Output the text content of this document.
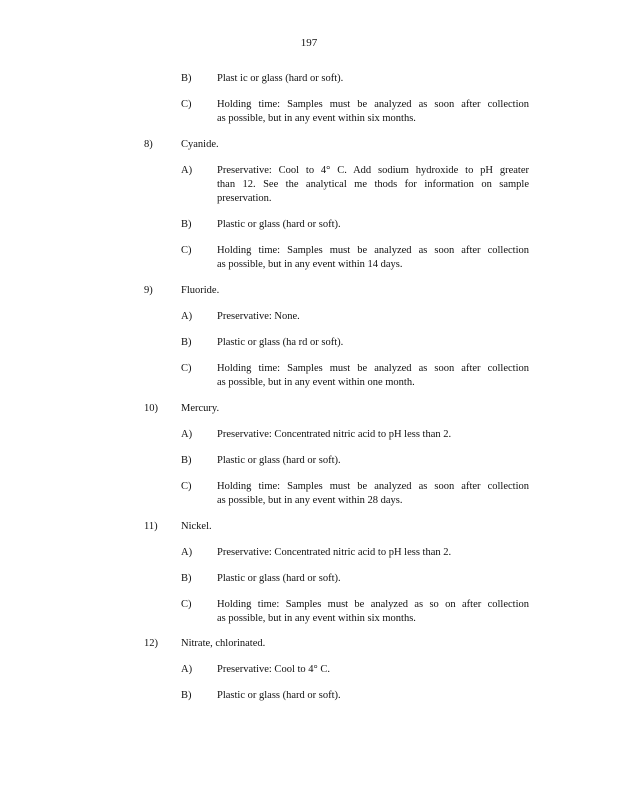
197
B) Plast ic or glass (hard or soft).
C) Holding time: Samples must be analyzed as soon after collection
as possible, but in any event within six months.
8)	Cyanide.
A) Preservative: Cool to 4° C. Add sodium hydroxide to pH greater
than 12. See the analytical me thods for information on sample
preservation.
B) Plastic or glass (hard or soft).
C) Holding time: Samples must be analyzed as soon after collection
as possible, but in any event within 14 days.
9)	Fluoride.
A) Preservative: None.
B) Plastic or glass (ha rd or soft).
C) Holding time: Samples must be analyzed as soon after collection
as possible, but in any event within one month.
10) Mercury.
A) Preservative: Concentrated nitric acid to pH less than 2.
B) Plastic or glass (hard or soft).
C) Holding time: Samples must be analyzed as soon after collection
as possible, but in any event within 28 days.
11) Nickel.
A) Preservative: Concentrated nitric acid to pH less than 2.
B) Plastic or glass (hard or soft).
C) Holding time: Samples must be analyzed as so on after collection
as possible, but in any event within six months.
12) Nitrate, chlorinated.
A) Preservative: Cool to 4° C.
B) Plastic or glass (hard or soft).
